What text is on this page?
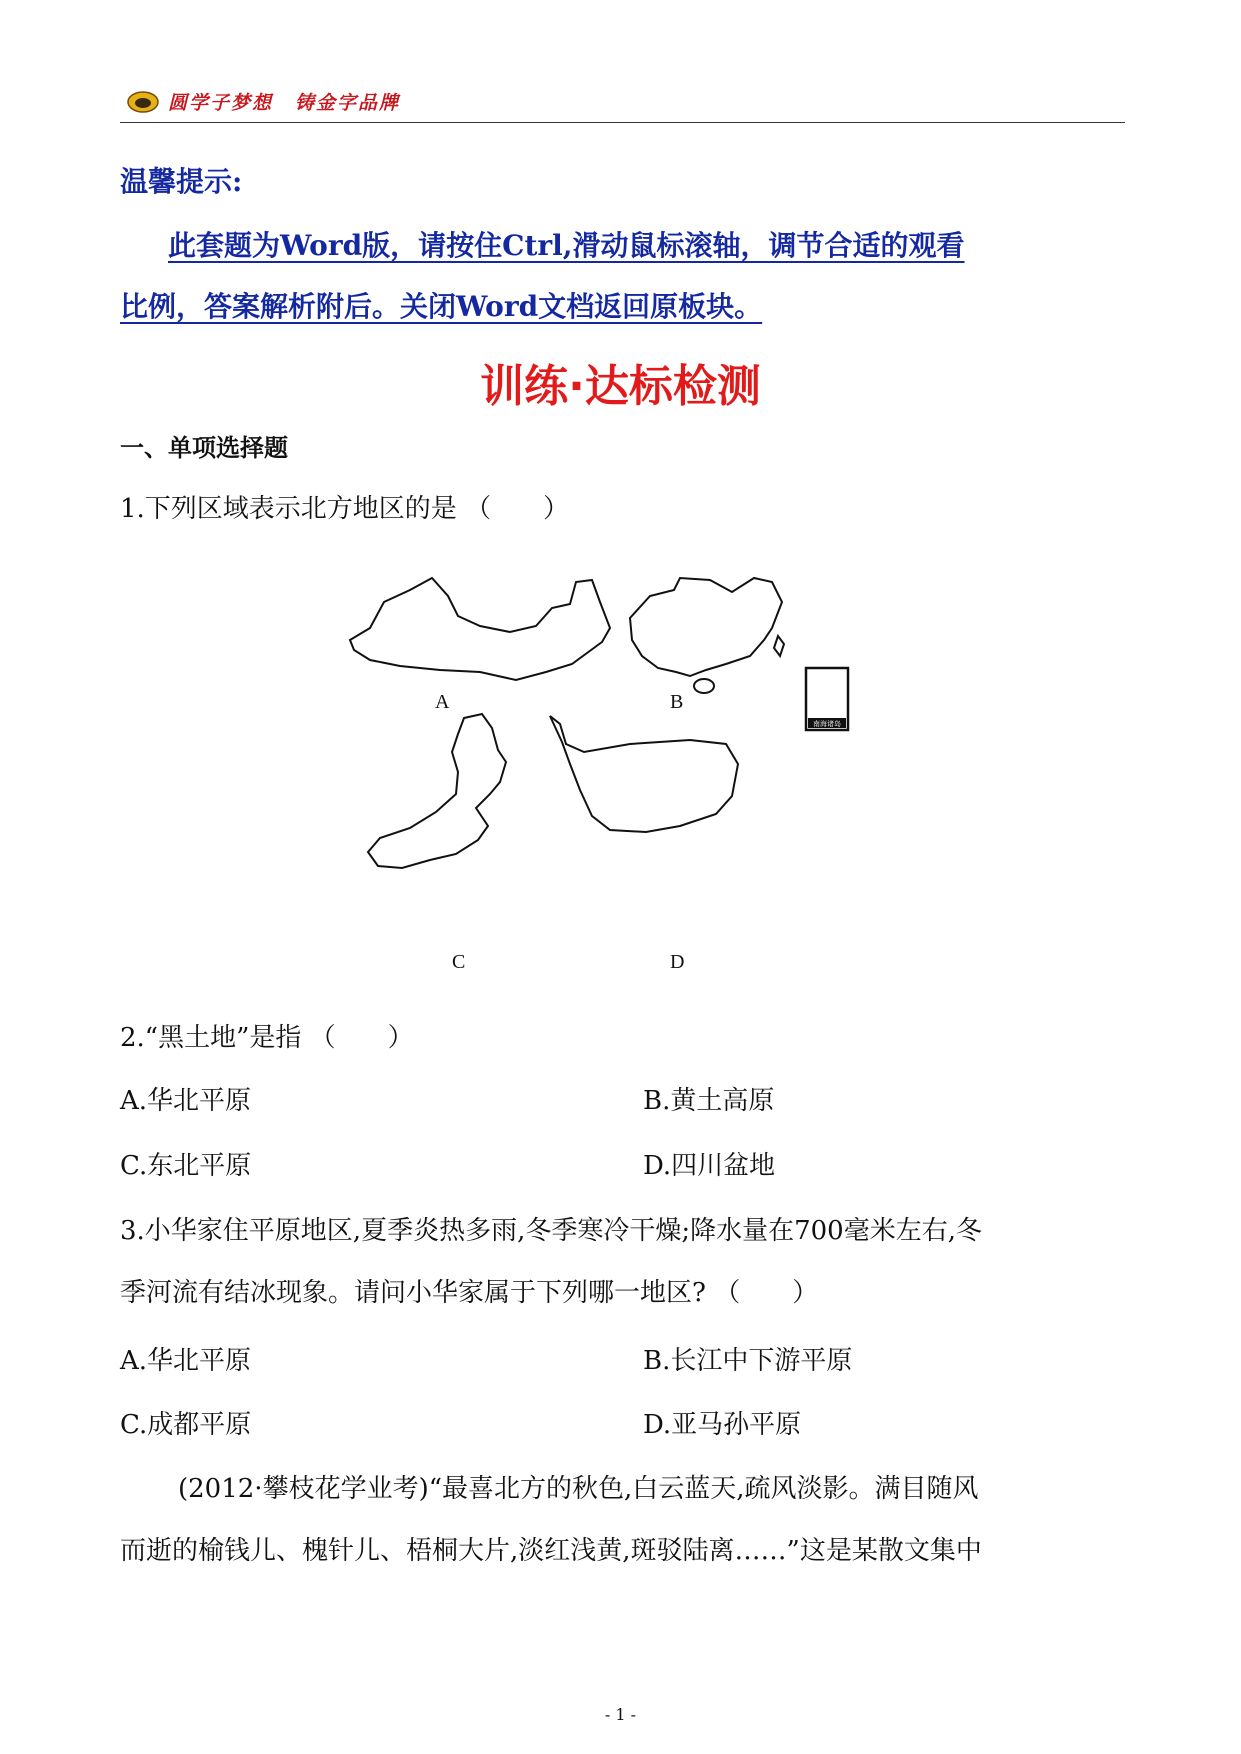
圆学子梦想 铸金字品牌
温馨提示:
此套题为Word版，请按住Ctrl,滑动鼠标滚轴，调节合适的观看
比例，答案解析附后。关闭Word文档返回原板块。
训练·达标检测
一、单项选择题
1.下列区域表示北方地区的是 （　　）
南海诸岛
A	B
C	D
2.“黑土地”是指 （　　）
A.华北平原	B.黄土高原
C.东北平原	D.四川盆地
3.小华家住平原地区,夏季炎热多雨,冬季寒冷干燥;降水量在700毫米左右,冬
季河流有结冰现象。请问小华家属于下列哪一地区? （　　）
A.华北平原	B.长江中下游平原
C.成都平原	D.亚马孙平原
(2012·攀枝花学业考)“最喜北方的秋色,白云蓝天,疏风淡影。满目随风
而逝的榆钱儿、槐针儿、梧桐大片,淡红浅黄,斑驳陆离……”这是某散文集中
- 1 -
